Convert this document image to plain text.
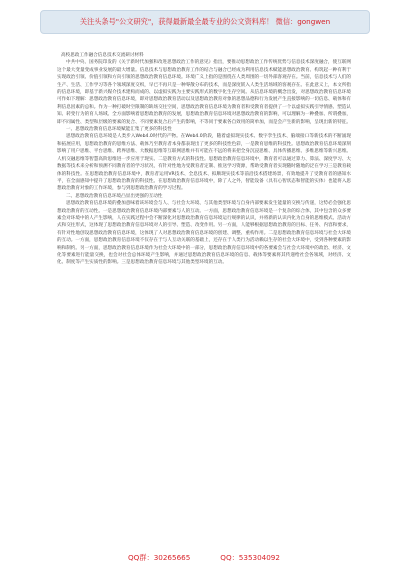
关注头条号"公文研究"，获得最新最全最专业的公文资料库！ 微信：gongwen

高校思政工作融合信息技术交流研讨材料

中共中央、国务院印发的《关于新时代加强和改进思想政治工作的意见》指出，要推动思想政治工作传统优势与信息技术深度融合，使互联网这个最大变量变成事业发展的最大增量。信息技术与思想政治教育工作的结合与融合已经成为利用信息技术赋能思想政治教育、构筑起一种有利于实现政治引领、价值引领和方向引领的思想政治教育信息环境。环境广义上指的是围绕在人类周围的一切外部客观存在。当前，信息技术与人们的生产、生活、工作学习等各个领域深度交织，早已不再只是一种零散分布的技术，而是深度嵌入人类生活场域的客观存在。在此意义上，本文所指的信息环境，即基于新兴媒介技术建构而成的、以虚拟实践为主要实践形式的数字化生存空间。从信息环境的概念出发，对思想政治教育信息环境可作如下理解：思想政治教育信息环境，即对思想政治教育活动以及思想政治教育对象的思想品德和行为发展产生直接影响的一切信息、载体和有利信息因素的总和。作为一种打破时空限制的缺场交往空间，思想政治教育信息环境为教育者和受教育者提供了一个以虚拟实践引导情感、塑造认知、转变行为的育人场域。全方面影响着思想政治教育的发展，思想政治教育信息环境对思想政治教育的影响，可以理解为一种叠加、所谓叠加，即不同属性、类型和层级的要素的复合、不同要素复合后产生的影响，不等同于要素各自效用的简单加，而是会产生新的影响，呈现出新的特征。

一、思想政治教育信息环境赋能汇集了更多的科技性

思想政治教育信息环境是人类步入Web4.0时代的产物。在Web4.0阶段，随着虚拟现实技术、数字孪生技术、脑端接口等新技术的不断涌现和拓展应用，思想政治教育的思维方法、载体乃至教育者本身都表现出了更多的科技性色彩，一是教育思维的科技性。思想政治教育信息环境深刻影响了用户思维、平台思维、跨界思维、大数据思维等互联网思维并有可能在不远的将来把全身沉浸思维、具体传播思维、多维思维等新兴思维。人机交融思维等智慧高阶思维进一步应用于现实。二是教育方式的科技性。思想政治教育信息环境中，教育者可以通过算力、算法、深度学习、大数据等技术来分析和预测不同教育者的学习状况，有针对性地为受教育者定制、推送学习资源，帮助受教育者实现随时随地的泛在学习三是教育载体的科技性。在思想政治教育信息环境中，教育者运用VR技术、全息技术、拟顺现实技术等前沿技术搭建场景，有效地提升了受教育者的感知水平，在全面感知中提升了思想政治教育的科技性。在思想政治教育信息环境中，除了人之外，智能设备（具有心智状态和智能的实体）也能将入思想政治教育对象的工作环境，参与到思想政治教育的学习过程。

二、思想政治教育信息环境凸显出更强的互动性

思想政治教育信息环境的叠加意味着该环境会与人、与社会大环境、与其他类型环境与自身内部要素发生能量的交换与传递，这势必会强化思想政治教育的互动性。一是思想政治教育信息环境内部要素与人的互动。一方面，思想政治教育信息环境是一个复杂的综合体，其中包含的众多要素会对环境中的人产生影响，人在实践过程中会不断深化对思想政治教育信息环境运行规律的认识，并将新的认识内化为自身的思维模式、活动方式和交往形式，这体现了思想政治教育信息环境对人的引导、塑造、改变作用。另一方面，人能够根据思想政治教育的目标、任务、内容和要求，有针对性地创设思想政治教育信息环境，这体现了人对思想政治教育信息环境的创建、调整、重构作用。二是思想政治教育信息环境与社会大环境的互动。一方面，思想政治教育信息环境不仅存在于与人互动关联的基础上，还存在于人类行为活动赖以生存的社会大环境中，受到各种要素的影响和制约。另一方面，思想政治教育信息环境作为社会大环境中的一部分，思想政治教育信息环境中的各要素会与社会大环境中的政治、经济、文化等要素进行能量交换，也会对社会总体环境产生影响，并通过思想政治教育信息环境的信息、载体等要素将其传递给社会各领域，对经济、文化、制度等产生实质性的影响。三是思想政治教育信息环境与其他类型环境的互动。

QQ群：30265665	QQ：535304092
